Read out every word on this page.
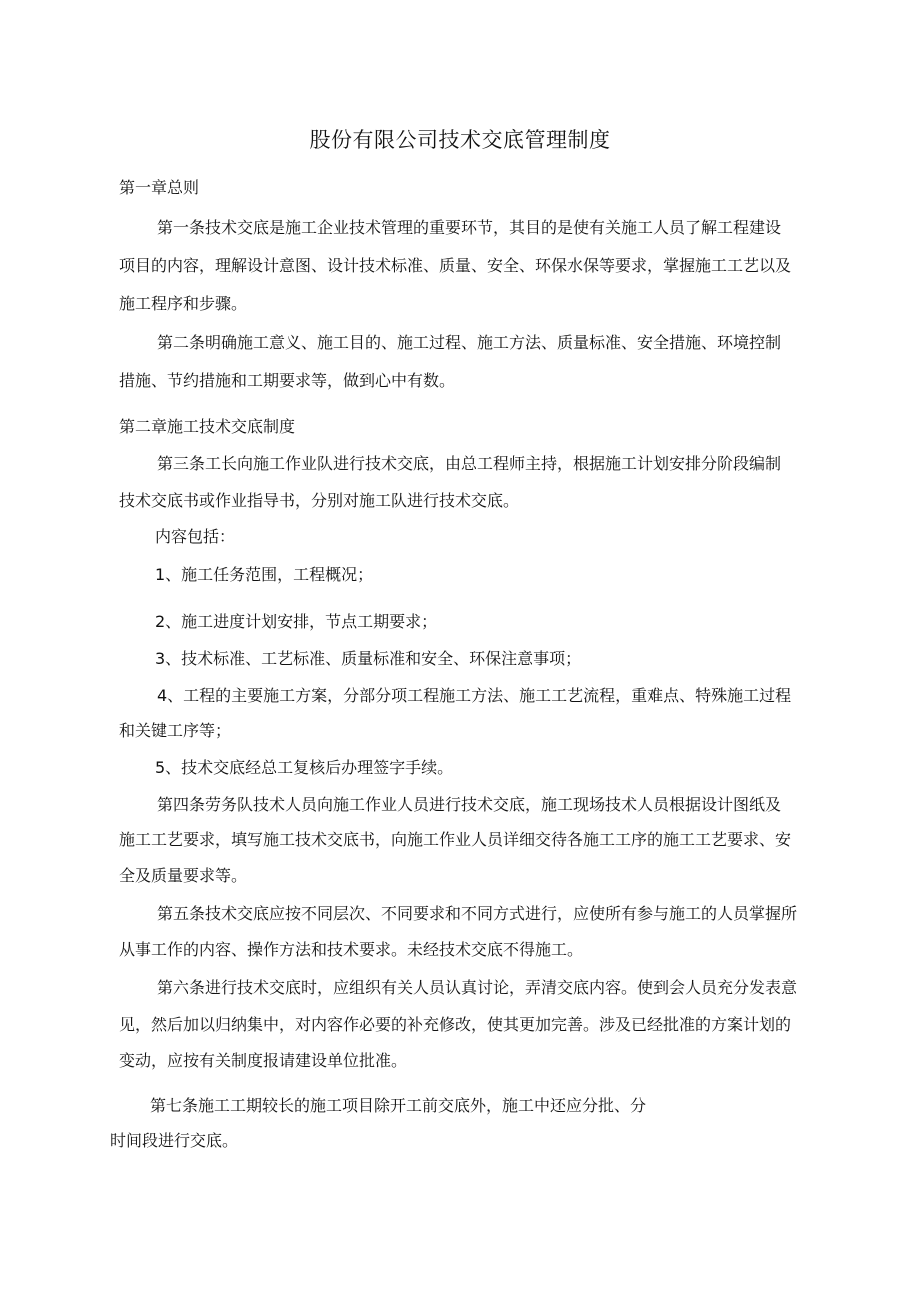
股份有限公司技术交底管理制度

第一章总则

第一条技术交底是施工企业技术管理的重要环节，其目的是使有关施工人员了解工程建设

项目的内容，理解设计意图、设计技术标准、质量、安全、环保水保等要求，掌握施工工艺以及

施工程序和步骤。

第二条明确施工意义、施工目的、施工过程、施工方法、质量标准、安全措施、环境控制

措施、节约措施和工期要求等，做到心中有数。

第二章施工技术交底制度

第三条工长向施工作业队进行技术交底，由总工程师主持，根据施工计划安排分阶段编制

技术交底书或作业指导书，分别对施工队进行技术交底。

内容包括：

1、施工任务范围，工程概况；

2、施工进度计划安排，节点工期要求；

3、技术标准、工艺标准、质量标准和安全、环保注意事项；

4、工程的主要施工方案，分部分项工程施工方法、施工工艺流程，重难点、特殊施工过程

和关键工序等；

5、技术交底经总工复核后办理签字手续。

第四条劳务队技术人员向施工作业人员进行技术交底，施工现场技术人员根据设计图纸及

施工工艺要求，填写施工技术交底书，向施工作业人员详细交待各施工工序的施工工艺要求、安

全及质量要求等。

第五条技术交底应按不同层次、不同要求和不同方式进行，应使所有参与施工的人员掌握所

从事工作的内容、操作方法和技术要求。未经技术交底不得施工。

第六条进行技术交底时，应组织有关人员认真讨论，弄清交底内容。使到会人员充分发表意

见，然后加以归纳集中，对内容作必要的补充修改，使其更加完善。涉及已经批准的方案计划的

变动，应按有关制度报请建设单位批准。

第七条施工工期较长的施工项目除开工前交底外，施工中还应分批、分

时间段进行交底。
